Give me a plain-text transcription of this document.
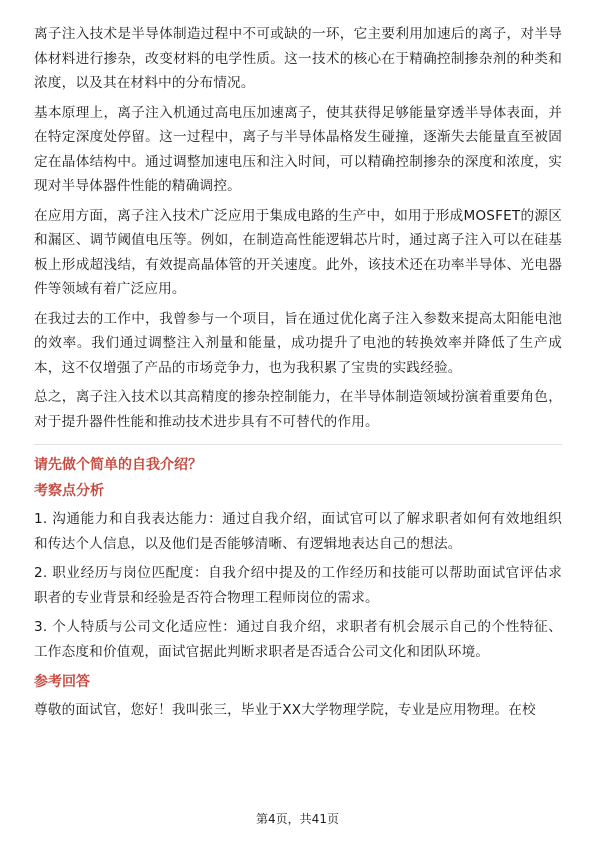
离子注入技术是半导体制造过程中不可或缺的一环，它主要利用加速后的离子，对半导体材料进行掺杂，改变材料的电学性质。这一技术的核心在于精确控制掺杂剂的种类和浓度，以及其在材料中的分布情况。

基本原理上，离子注入机通过高电压加速离子，使其获得足够能量穿透半导体表面，并在特定深度处停留。这一过程中，离子与半导体晶格发生碰撞，逐渐失去能量直至被固定在晶体结构中。通过调整加速电压和注入时间，可以精确控制掺杂的深度和浓度，实现对半导体器件性能的精确调控。

在应用方面，离子注入技术广泛应用于集成电路的生产中，如用于形成MOSFET的源区和漏区、调节阈值电压等。例如，在制造高性能逻辑芯片时，通过离子注入可以在硅基板上形成超浅结，有效提高晶体管的开关速度。此外，该技术还在功率半导体、光电器件等领域有着广泛应用。

在我过去的工作中，我曾参与一个项目，旨在通过优化离子注入参数来提高太阳能电池的效率。我们通过调整注入剂量和能量，成功提升了电池的转换效率并降低了生产成本，这不仅增强了产品的市场竞争力，也为我积累了宝贵的实践经验。

总之，离子注入技术以其高精度的掺杂控制能力，在半导体制造领域扮演着重要角色，对于提升器件性能和推动技术进步具有不可替代的作用。

请先做个简单的自我介绍？
考察点分析

1. 沟通能力和自我表达能力：通过自我介绍，面试官可以了解求职者如何有效地组织和传达个人信息，以及他们是否能够清晰、有逻辑地表达自己的想法。

2. 职业经历与岗位匹配度：自我介绍中提及的工作经历和技能可以帮助面试官评估求职者的专业背景和经验是否符合物理工程师岗位的需求。

3. 个人特质与公司文化适应性：通过自我介绍，求职者有机会展示自己的个性特征、工作态度和价值观，面试官据此判断求职者是否适合公司文化和团队环境。

参考回答

尊敬的面试官，您好！我叫张三，毕业于XX大学物理学院，专业是应用物理。在校

第4页，共41页
